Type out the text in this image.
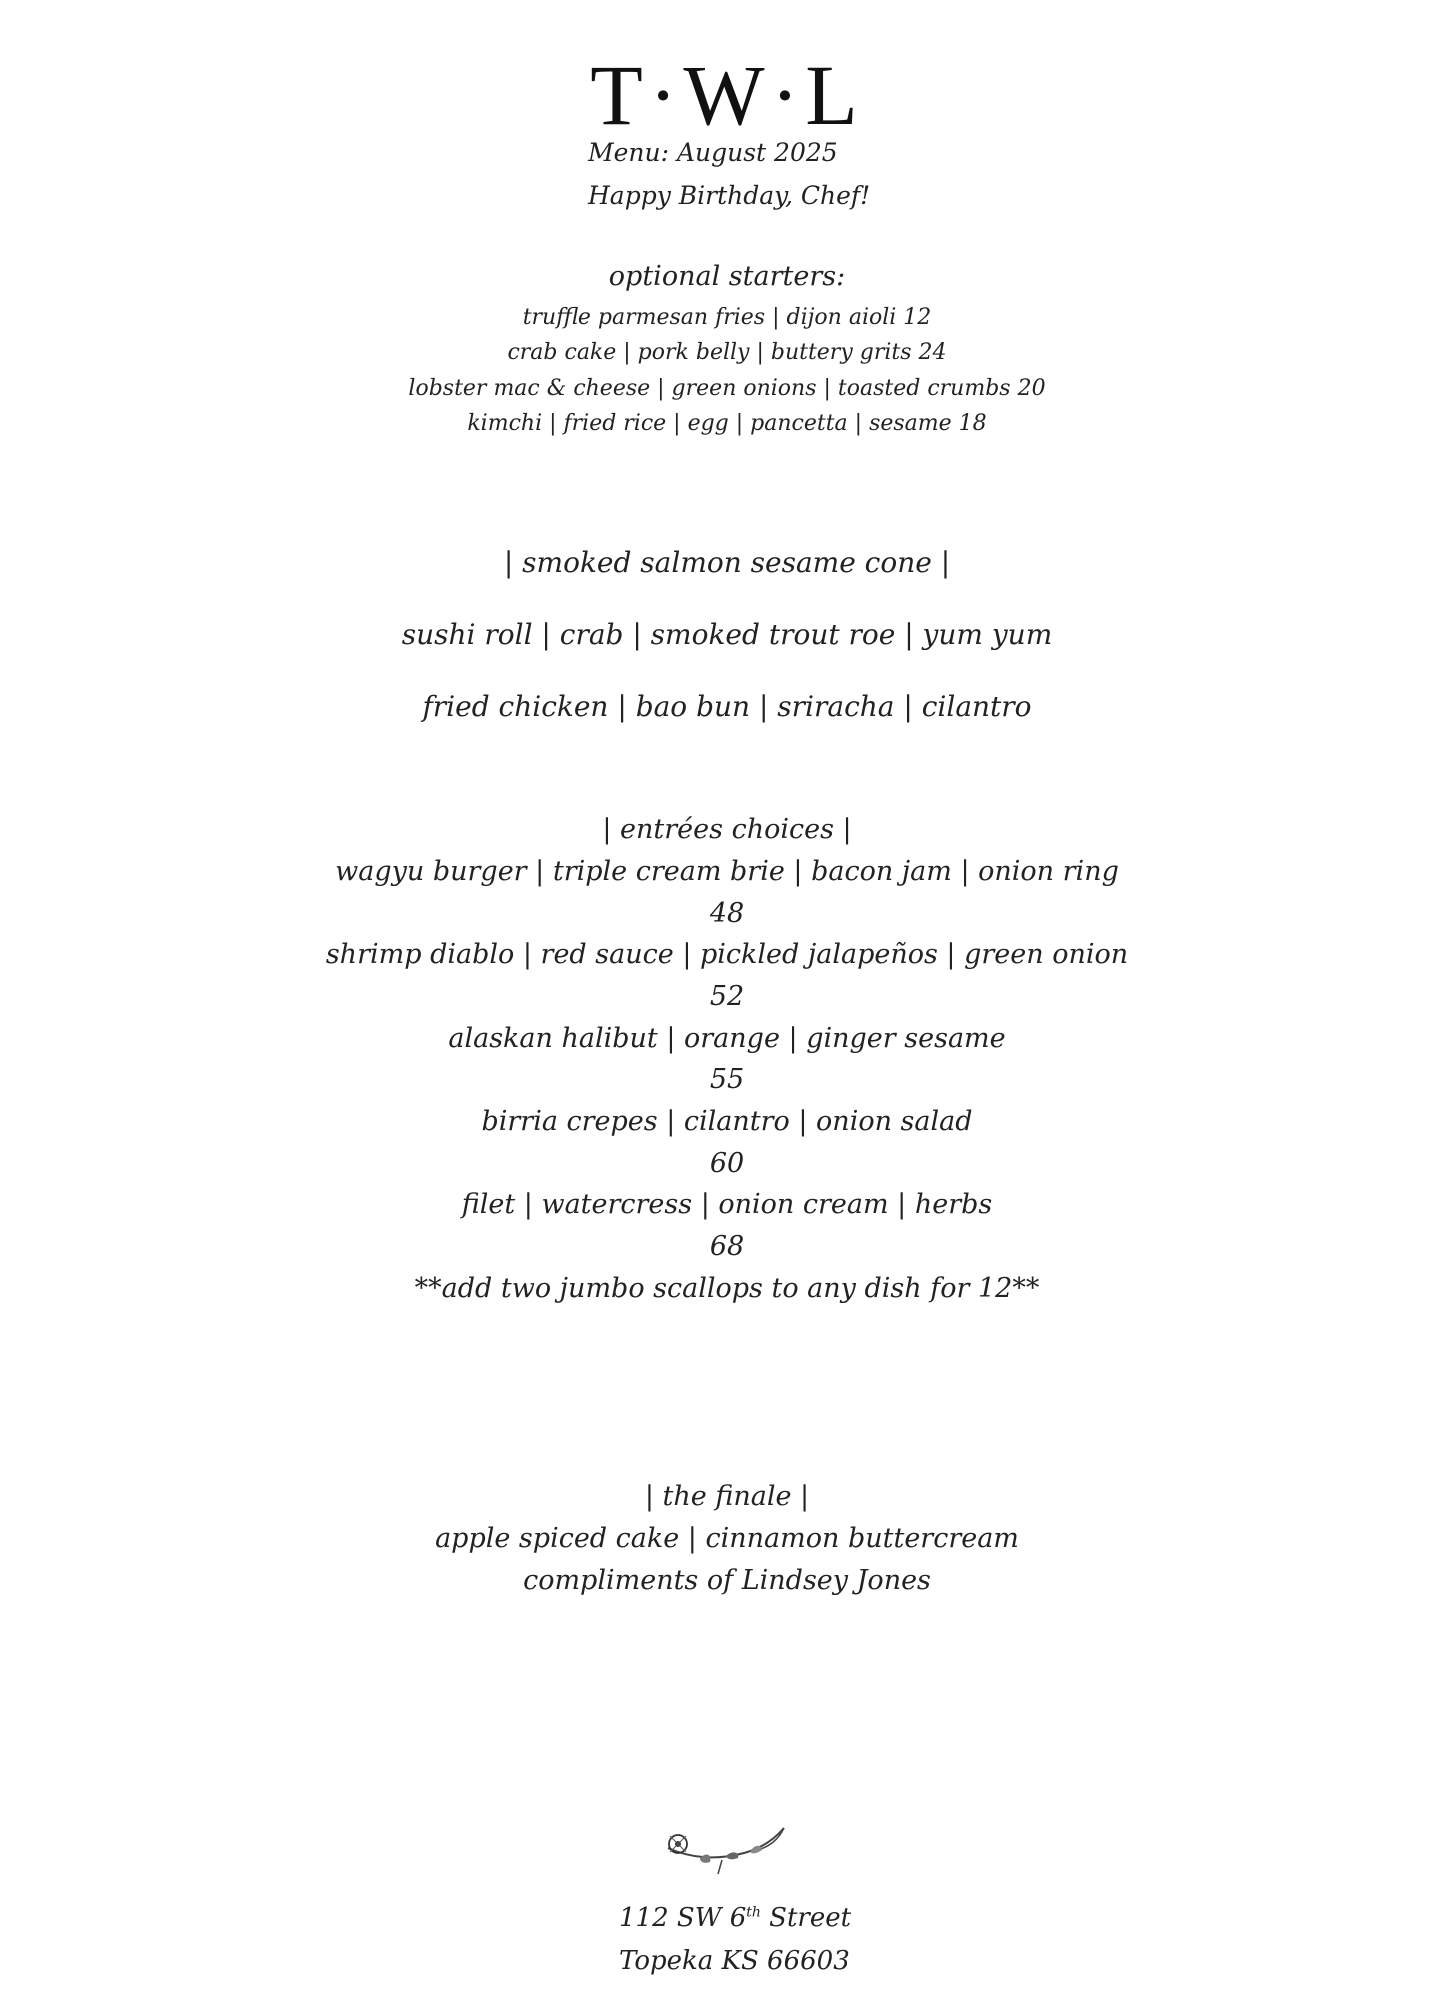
T·W·L
Menu: August 2025
Happy Birthday, Chef!
optional starters:
truffle parmesan fries | dijon aioli 12
crab cake | pork belly | buttery grits 24
lobster mac & cheese | green onions | toasted crumbs 20
kimchi | fried rice | egg | pancetta | sesame 18
| smoked salmon sesame cone |
sushi roll | crab | smoked trout roe | yum yum
fried chicken | bao bun | sriracha | cilantro
| entrées choices |
wagyu burger | triple cream brie | bacon jam | onion ring
48
shrimp diablo | red sauce | pickled jalapeños | green onion
52
alaskan halibut | orange | ginger sesame
55
birria crepes | cilantro | onion salad
60
filet | watercress | onion cream | herbs
68
**add two jumbo scallops to any dish for 12**
| the finale |
apple spiced cake | cinnamon buttercream
compliments of Lindsey Jones
112 SW 6th Street
Topeka KS 66603
